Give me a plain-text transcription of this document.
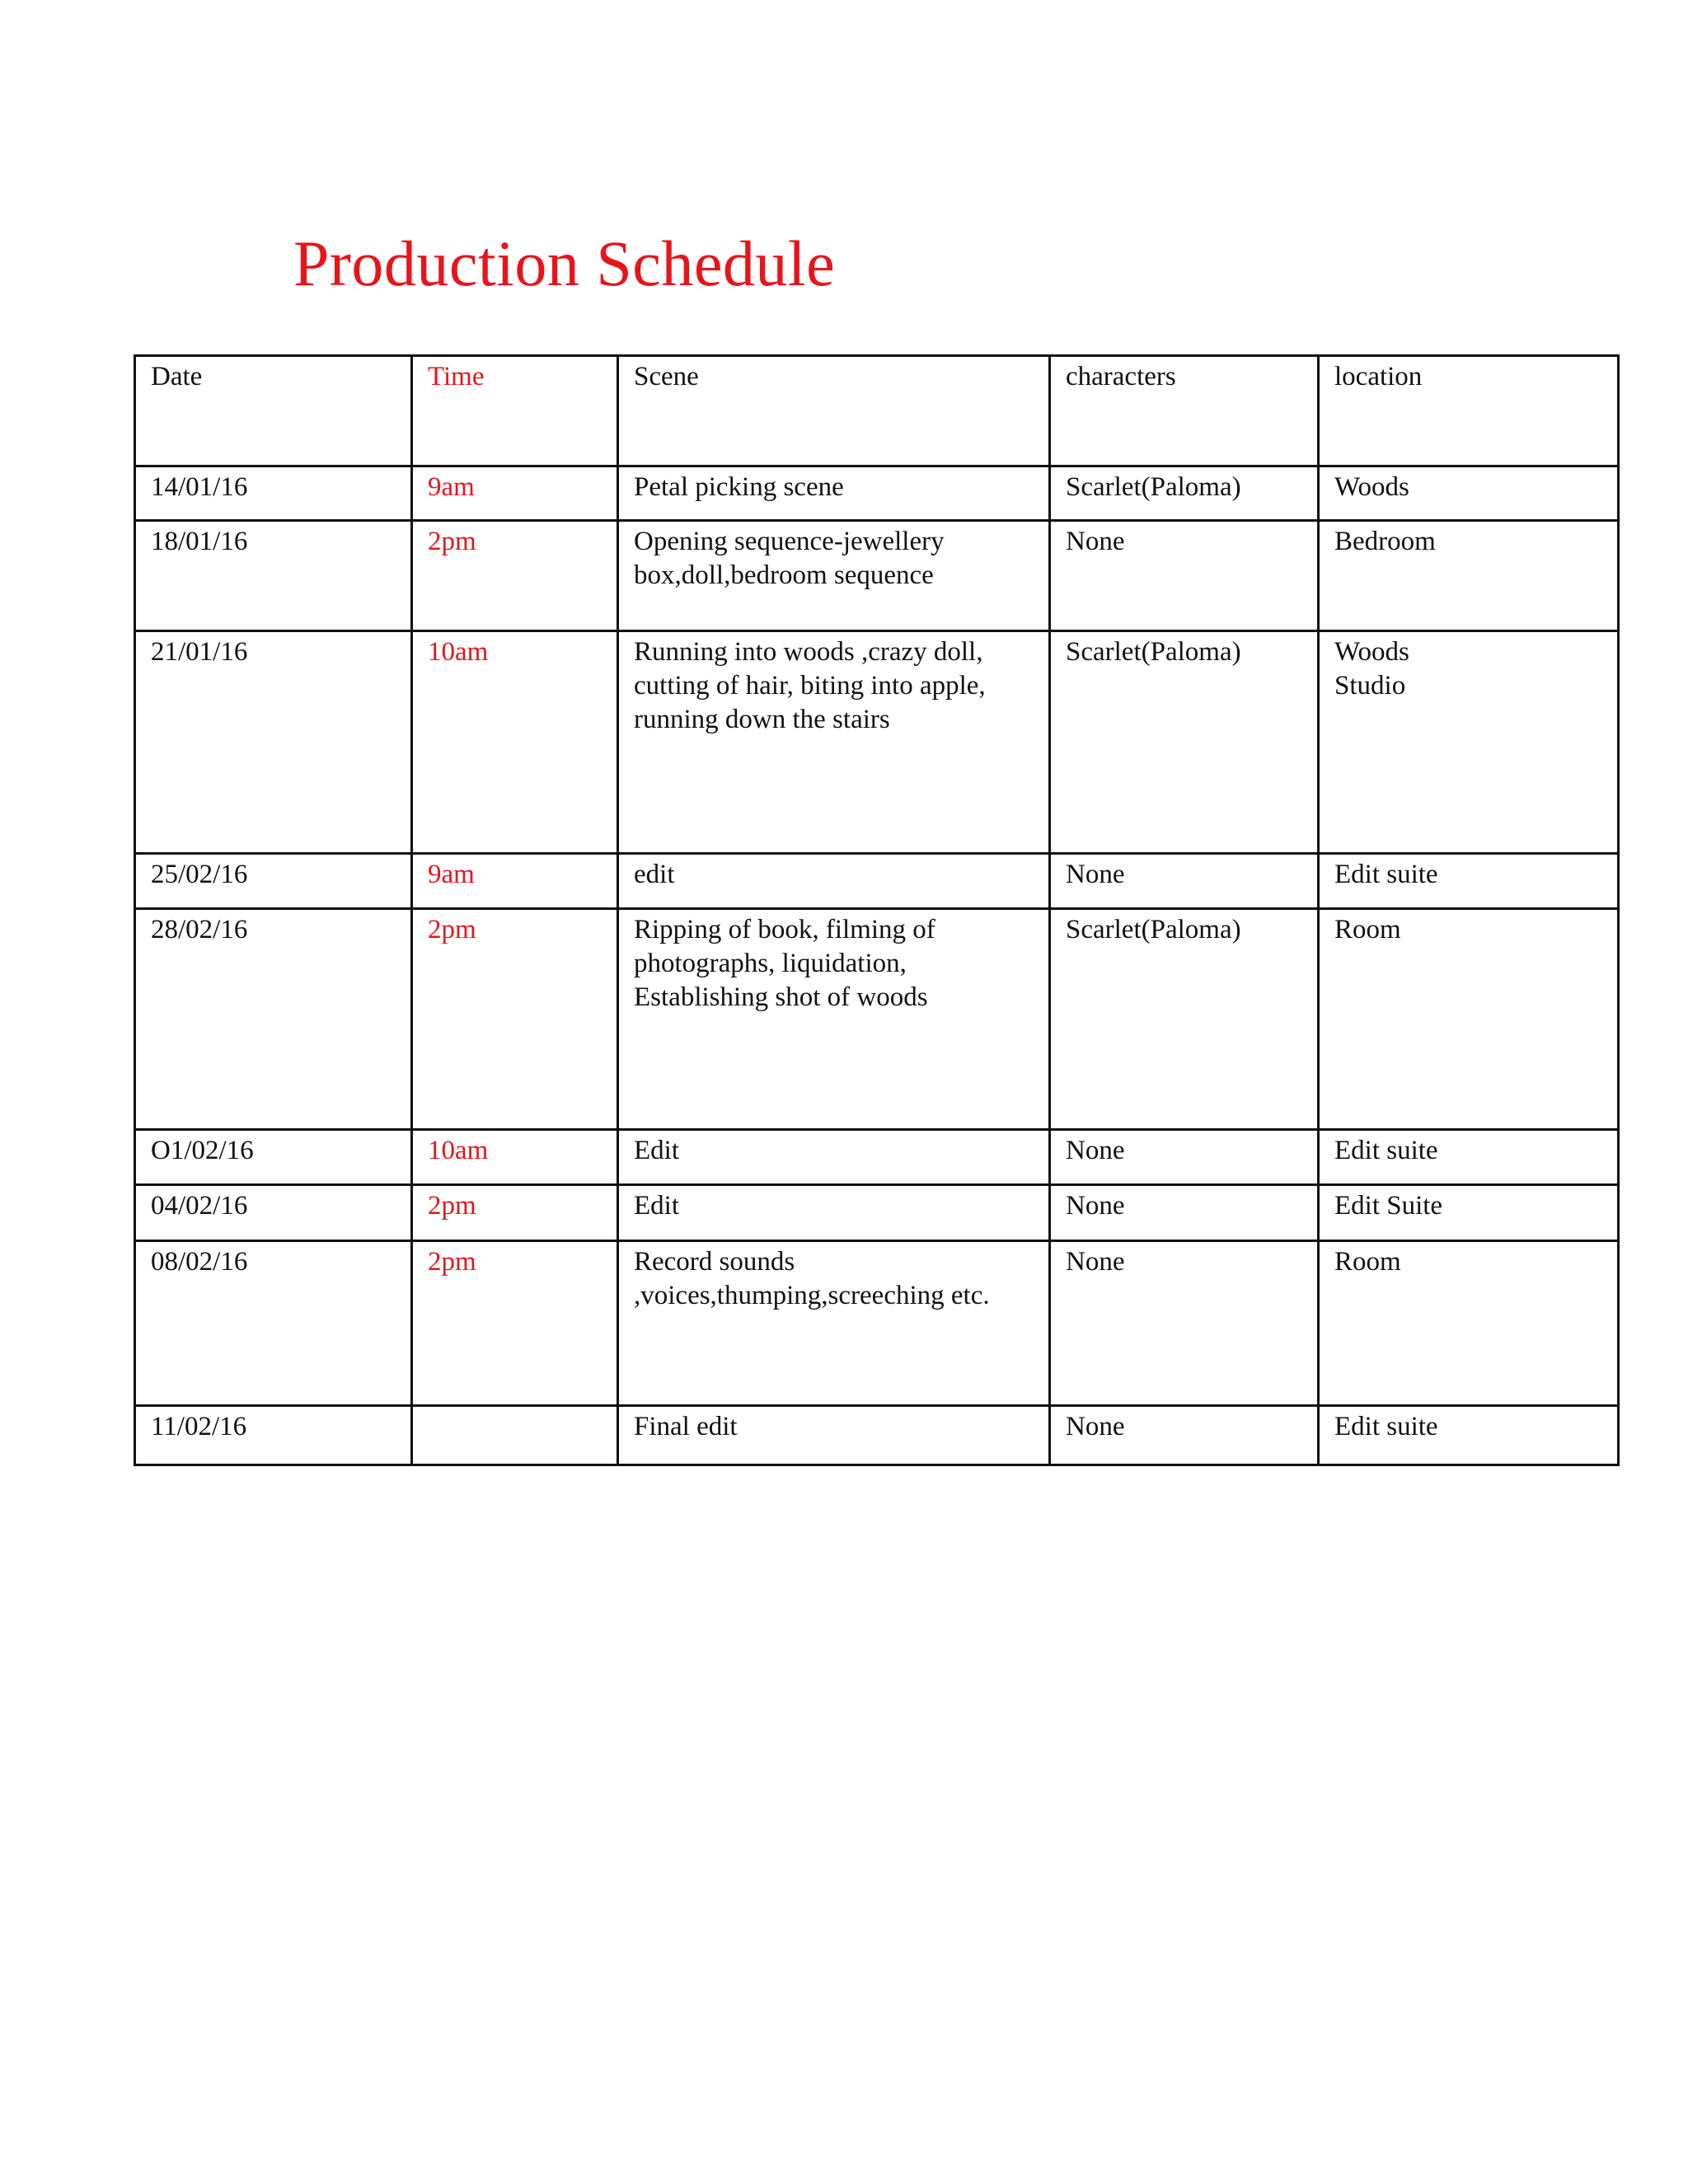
Production Schedule
Date	Time	Scene	characters	location
14/01/16	9am	Petal picking scene	Scarlet(Paloma)	Woods

18/01/16	2pm	Opening sequence-jewellery
box,doll,bedroom sequence	None	Bedroom

21/01/16	10am	Running into woods ,crazy doll,
cutting of hair, biting into apple,
running down the stairs	Scarlet(Paloma)	Woods
Studio

25/02/16	9am	edit	None	Edit suite

28/02/16	2pm	Ripping of book, filming of
photographs, liquidation,
Establishing shot of woods	Scarlet(Paloma)	Room

O1/02/16	10am	Edit	None	Edit suite

04/02/16	2pm	Edit	None	Edit Suite

08/02/16	2pm	Record sounds
,voices,thumping,screeching etc.	None	Room

11/02/16		Final edit	None	Edit suite
